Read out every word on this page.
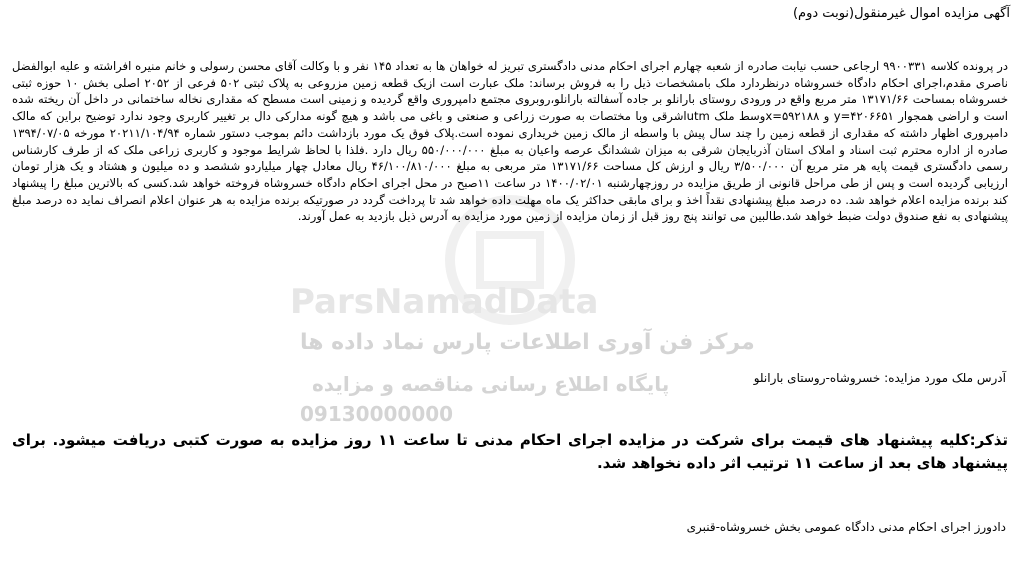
ParsNamadData
مرکز فن آوری اطلاعات پارس نماد داده ها
پایگاه اطلاع رسانی مناقصه و مزایده
09130000000
آگهی مزایده اموال غیرمنقول(نوبت دوم)
در پرونده کلاسه ۹۹۰۰۳۳۱ ارجاعی حسب نیابت صادره از شعبه چهارم اجرای احکام مدنی دادگستری تبریز له خواهان ها به تعداد ۱۴۵ نفر و با وکالت آقای محسن رسولی و خانم منیره افراشته و علیه ابوالفضل ناصری مقدم،اجرای احکام دادگاه خسروشاه درنظردارد ملک بامشخصات ذیل را به فروش برساند: ملک عبارت است ازیک قطعه زمین مزروعی به پلاک ثبتی ۵۰۲ فرعی از ۲۰۵۲ اصلی بخش ۱۰ حوزه ثبتی خسروشاه بمساحت ۱۳۱۷۱/۶۶ متر مربع واقع در ورودی روستای بارانلو بر جاده آسفالته بارانلو،روبروی مجتمع دامپروری واقع گردیده و زمینی است مسطح که مقداری نخاله ساختمانی در داخل آن ریخته شده است و اراضی همجوار ۴۲۰۶۶۵۱=y و ۵۹۲۱۸۸=xوسط ملک utmاشرقی وبا مختصات به صورت زراعی و صنعتی و باغی می باشد و هیچ گونه مدارکی دال بر تغییر کاربری وجود ندارد توضیح براین که مالک دامپروری اظهار داشته که مقداری از قطعه زمین را چند سال پیش با واسطه از مالک زمین خریداری نموده است.پلاک فوق یک مورد بازداشت دائم بموجب دستور شماره ۲۰۲۱۱/۱۰۴/۹۴ مورخه ۱۳۹۴/۰۷/۰۵ صادره از اداره محترم ثبت اسناد و املاک استان آذربایجان شرقی به میزان ششدانگ عرصه واعیان به مبلغ ۵۵۰/۰۰۰/۰۰۰ ریال دارد .فلذا با لحاظ شرایط موجود و کاربری زراعی ملک که از طرف کارشناس رسمی دادگستری قیمت پایه هر متر مربع آن ۳/۵۰۰/۰۰۰ ریال و ارزش کل مساحت ۱۳۱۷۱/۶۶ متر مربعی به مبلغ ۴۶/۱۰۰/۸۱۰/۰۰۰ ریال معادل چهار میلیاردو ششصد و ده میلیون و هشتاد و یک هزار تومان ارزیابی گردیده است و پس از طی مراحل قانونی از طریق مزایده در روزچهارشنبه ۱۴۰۰/۰۲/۰۱ در ساعت ۱۱صبح در محل اجرای احکام دادگاه خسروشاه فروخته خواهد شد.کسی که بالاترین مبلغ را پیشنهاد کند برنده مزایده اعلام خواهد شد. ده درصد مبلغ پیشنهادی نقداً اخذ و برای مابقی حداکثر یک ماه مهلت داده خواهد شد تا پرداخت گردد در صورتیکه برنده مزایده به هر عنوان اعلام انصراف نماید ده درصد مبلغ پیشنهادی به نفع صندوق دولت ضبط خواهد شد.طالبین می توانند پنج روز قبل از زمان مزایده از زمین مورد مزایده به آدرس ذیل بازدید به عمل آورند.
آدرس ملک مورد مزایده: خسروشاه-روستای بارانلو
تذکر:کلیه پیشنهاد های قیمت برای شرکت در مزایده اجرای احکام مدنی تا ساعت ۱۱ روز مزایده به صورت کتبی دریافت میشود. برای پیشنهاد های بعد از ساعت ۱۱ ترتیب اثر داده نخواهد شد.
دادورز اجرای احکام مدنی دادگاه عمومی بخش خسروشاه-قنبری
